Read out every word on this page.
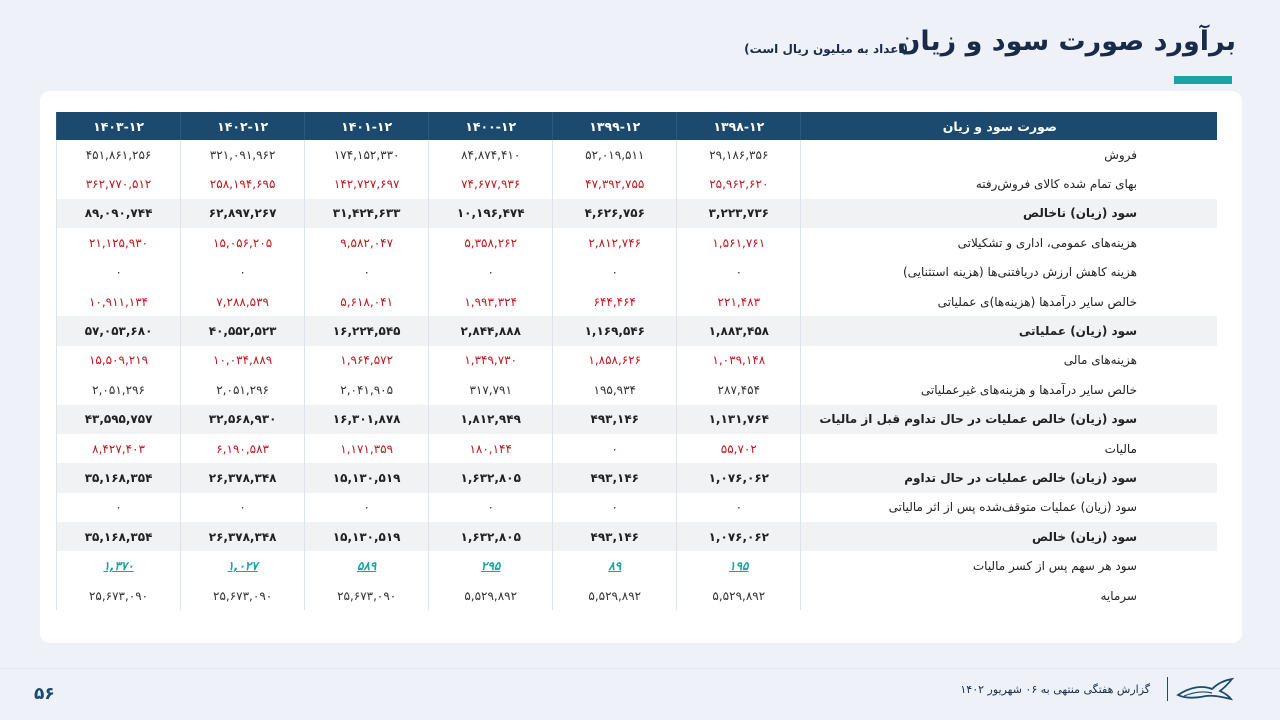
برآورد صورت سود و زیان
(اعداد به میلیون ریال است)
صورت سود و زیان	۱۳۹۸-۱۲	۱۳۹۹-۱۲	۱۴۰۰-۱۲	۱۴۰۱-۱۲	۱۴۰۲-۱۲	۱۴۰۳-۱۲
فروش	۲۹,۱۸۶,۳۵۶	۵۲,۰۱۹,۵۱۱	۸۴,۸۷۴,۴۱۰	۱۷۴,۱۵۲,۳۳۰	۳۲۱,۰۹۱,۹۶۲	۴۵۱,۸۶۱,۲۵۶
بهای تمام شده کالای فروش‌رفته	۲۵,۹۶۲,۶۲۰	۴۷,۳۹۲,۷۵۵	۷۴,۶۷۷,۹۳۶	۱۴۲,۷۲۷,۶۹۷	۲۵۸,۱۹۴,۶۹۵	۳۶۲,۷۷۰,۵۱۲
سود (زیان) ناخالص	۳,۲۲۳,۷۳۶	۴,۶۲۶,۷۵۶	۱۰,۱۹۶,۴۷۴	۳۱,۴۲۴,۶۳۳	۶۲,۸۹۷,۲۶۷	۸۹,۰۹۰,۷۴۴
هزینه‌های عمومی، اداری و تشکیلاتی	۱,۵۶۱,۷۶۱	۲,۸۱۲,۷۴۶	۵,۳۵۸,۲۶۲	۹,۵۸۲,۰۴۷	۱۵,۰۵۶,۲۰۵	۲۱,۱۲۵,۹۳۰
هزینه کاهش ارزش دریافتنی‌ها (هزینه استثنایی)	۰	۰	۰	۰	۰	۰
خالص سایر درآمدها (هزینه‌ها)ی عملیاتی	۲۲۱,۴۸۳	۶۴۴,۴۶۴	۱,۹۹۳,۳۲۴	۵,۶۱۸,۰۴۱	۷,۲۸۸,۵۳۹	۱۰,۹۱۱,۱۳۴
سود (زیان) عملیاتی	۱,۸۸۳,۴۵۸	۱,۱۶۹,۵۴۶	۲,۸۴۴,۸۸۸	۱۶,۲۲۴,۵۴۵	۴۰,۵۵۲,۵۲۳	۵۷,۰۵۳,۶۸۰
هزینه‌های مالی	۱,۰۳۹,۱۴۸	۱,۸۵۸,۶۲۶	۱,۳۴۹,۷۳۰	۱,۹۶۴,۵۷۲	۱۰,۰۳۴,۸۸۹	۱۵,۵۰۹,۲۱۹
خالص سایر درآمدها و هزینه‌های غیرعملیاتی	۲۸۷,۴۵۴	۱۹۵,۹۳۴	۳۱۷,۷۹۱	۲,۰۴۱,۹۰۵	۲,۰۵۱,۲۹۶	۲,۰۵۱,۲۹۶
سود (زیان) خالص عملیات در حال تداوم قبل از مالیات	۱,۱۳۱,۷۶۴	۴۹۳,۱۴۶	۱,۸۱۲,۹۴۹	۱۶,۳۰۱,۸۷۸	۳۲,۵۶۸,۹۳۰	۴۳,۵۹۵,۷۵۷
مالیات	۵۵,۷۰۲	۰	۱۸۰,۱۴۴	۱,۱۷۱,۳۵۹	۶,۱۹۰,۵۸۳	۸,۴۲۷,۴۰۳
سود (زیان) خالص عملیات در حال تداوم	۱,۰۷۶,۰۶۲	۴۹۳,۱۴۶	۱,۶۳۲,۸۰۵	۱۵,۱۳۰,۵۱۹	۲۶,۳۷۸,۳۴۸	۳۵,۱۶۸,۳۵۴
سود (زیان) عملیات متوقف‌شده پس از اثر مالیاتی	۰	۰	۰	۰	۰	۰
سود (زیان) خالص	۱,۰۷۶,۰۶۲	۴۹۳,۱۴۶	۱,۶۳۲,۸۰۵	۱۵,۱۳۰,۵۱۹	۲۶,۳۷۸,۳۴۸	۳۵,۱۶۸,۳۵۴
سود هر سهم پس از کسر مالیات	۱۹۵	۸۹	۲۹۵	۵۸۹	۱,۰۲۷	۱,۳۷۰
سرمایه	۵,۵۲۹,۸۹۲	۵,۵۲۹,۸۹۲	۵,۵۲۹,۸۹۲	۲۵,۶۷۳,۰۹۰	۲۵,۶۷۳,۰۹۰	۲۵,۶۷۳,۰۹۰
۵۶	گزارش هفتگی منتهی به ۰۶ شهریور ۱۴۰۲
